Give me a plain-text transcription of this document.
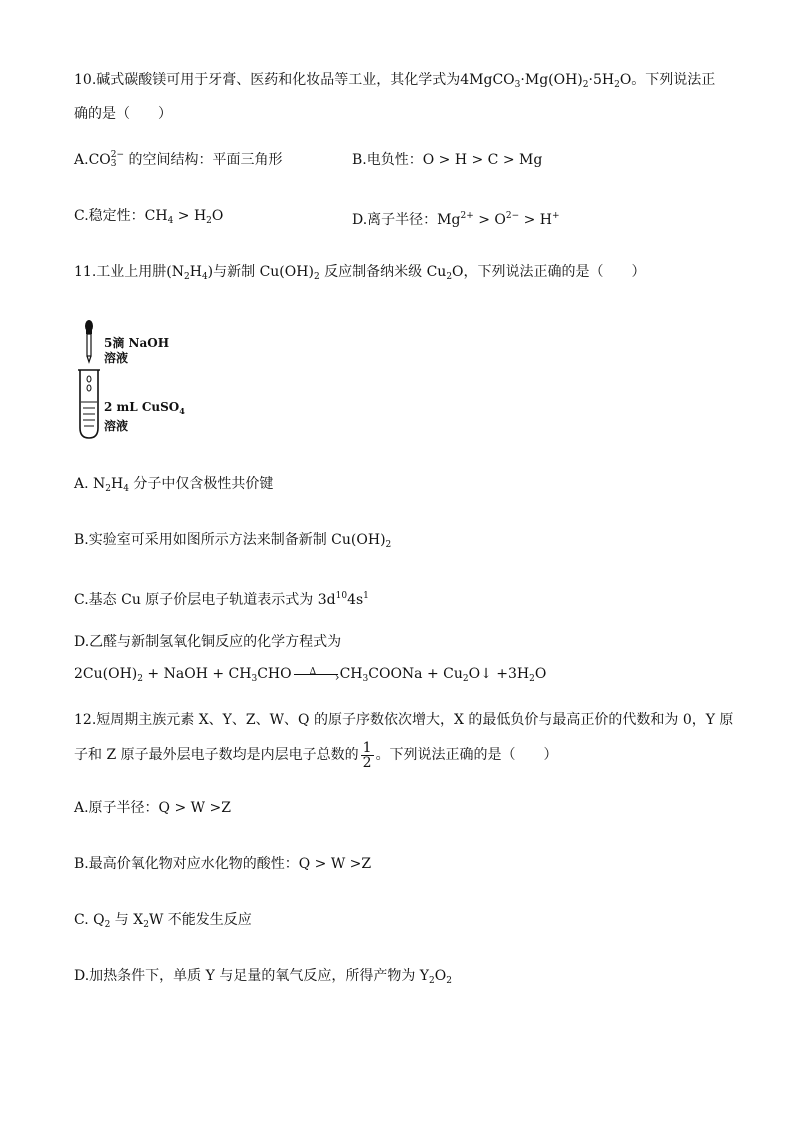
10.碱式碳酸镁可用于牙膏、医药和化妆品等工业，其化学式为$4MgCO_3\cdot Mg(OH)_2\cdot 5H_2O$。下列说法正
确的是（　　）
A.CO 2−
3 的空间结构：平面三角形	B.电负性：O > H > C > Mg
C.稳定性：$CH_4 > H_2O$	D.离子半径：$Mg^{2+} > O^{2-} > H^+$
11.工业上用肼$(N_2H_4)$与新制 $Cu(OH)_2$ 反应制备纳米级 $Cu_2O$，下列说法正确的是（　　）
5滴 NaOH
溶液
2 mL CuSO$_4$
溶液
A. $N_2H_4$ 分子中仅含极性共价键
B.实验室可采用如图所示方法来制备新制 $Cu(OH)_2$
C.基态 Cu 原子价层电子轨道表示式为 $3d^{10}4s^1$
D.乙醛与新制氢氧化铜反应的化学方程式为
$2Cu(OH)_2$ + NaOH + $CH_3CHO$ Δ › $CH_3COONa$ + $Cu_2O↓ +3H_2O$
12.短周期主族元素 X、Y、Z、W、Q 的原子序数依次增大，X 的最低负价与最高正价的代数和为 0，Y 原
子和 Z 原子最外层电子数均是内层电子总数的 $\frac{1}{2}$ 。下列说法正确的是（　　）
A.原子半径：Q > W >Z
B.最高价氧化物对应水化物的酸性：Q > W >Z
C. $Q_2$ 与 $X_2W$ 不能发生反应
D.加热条件下，单质 Y 与足量的氧气反应，所得产物为 $Y_2O_2$
